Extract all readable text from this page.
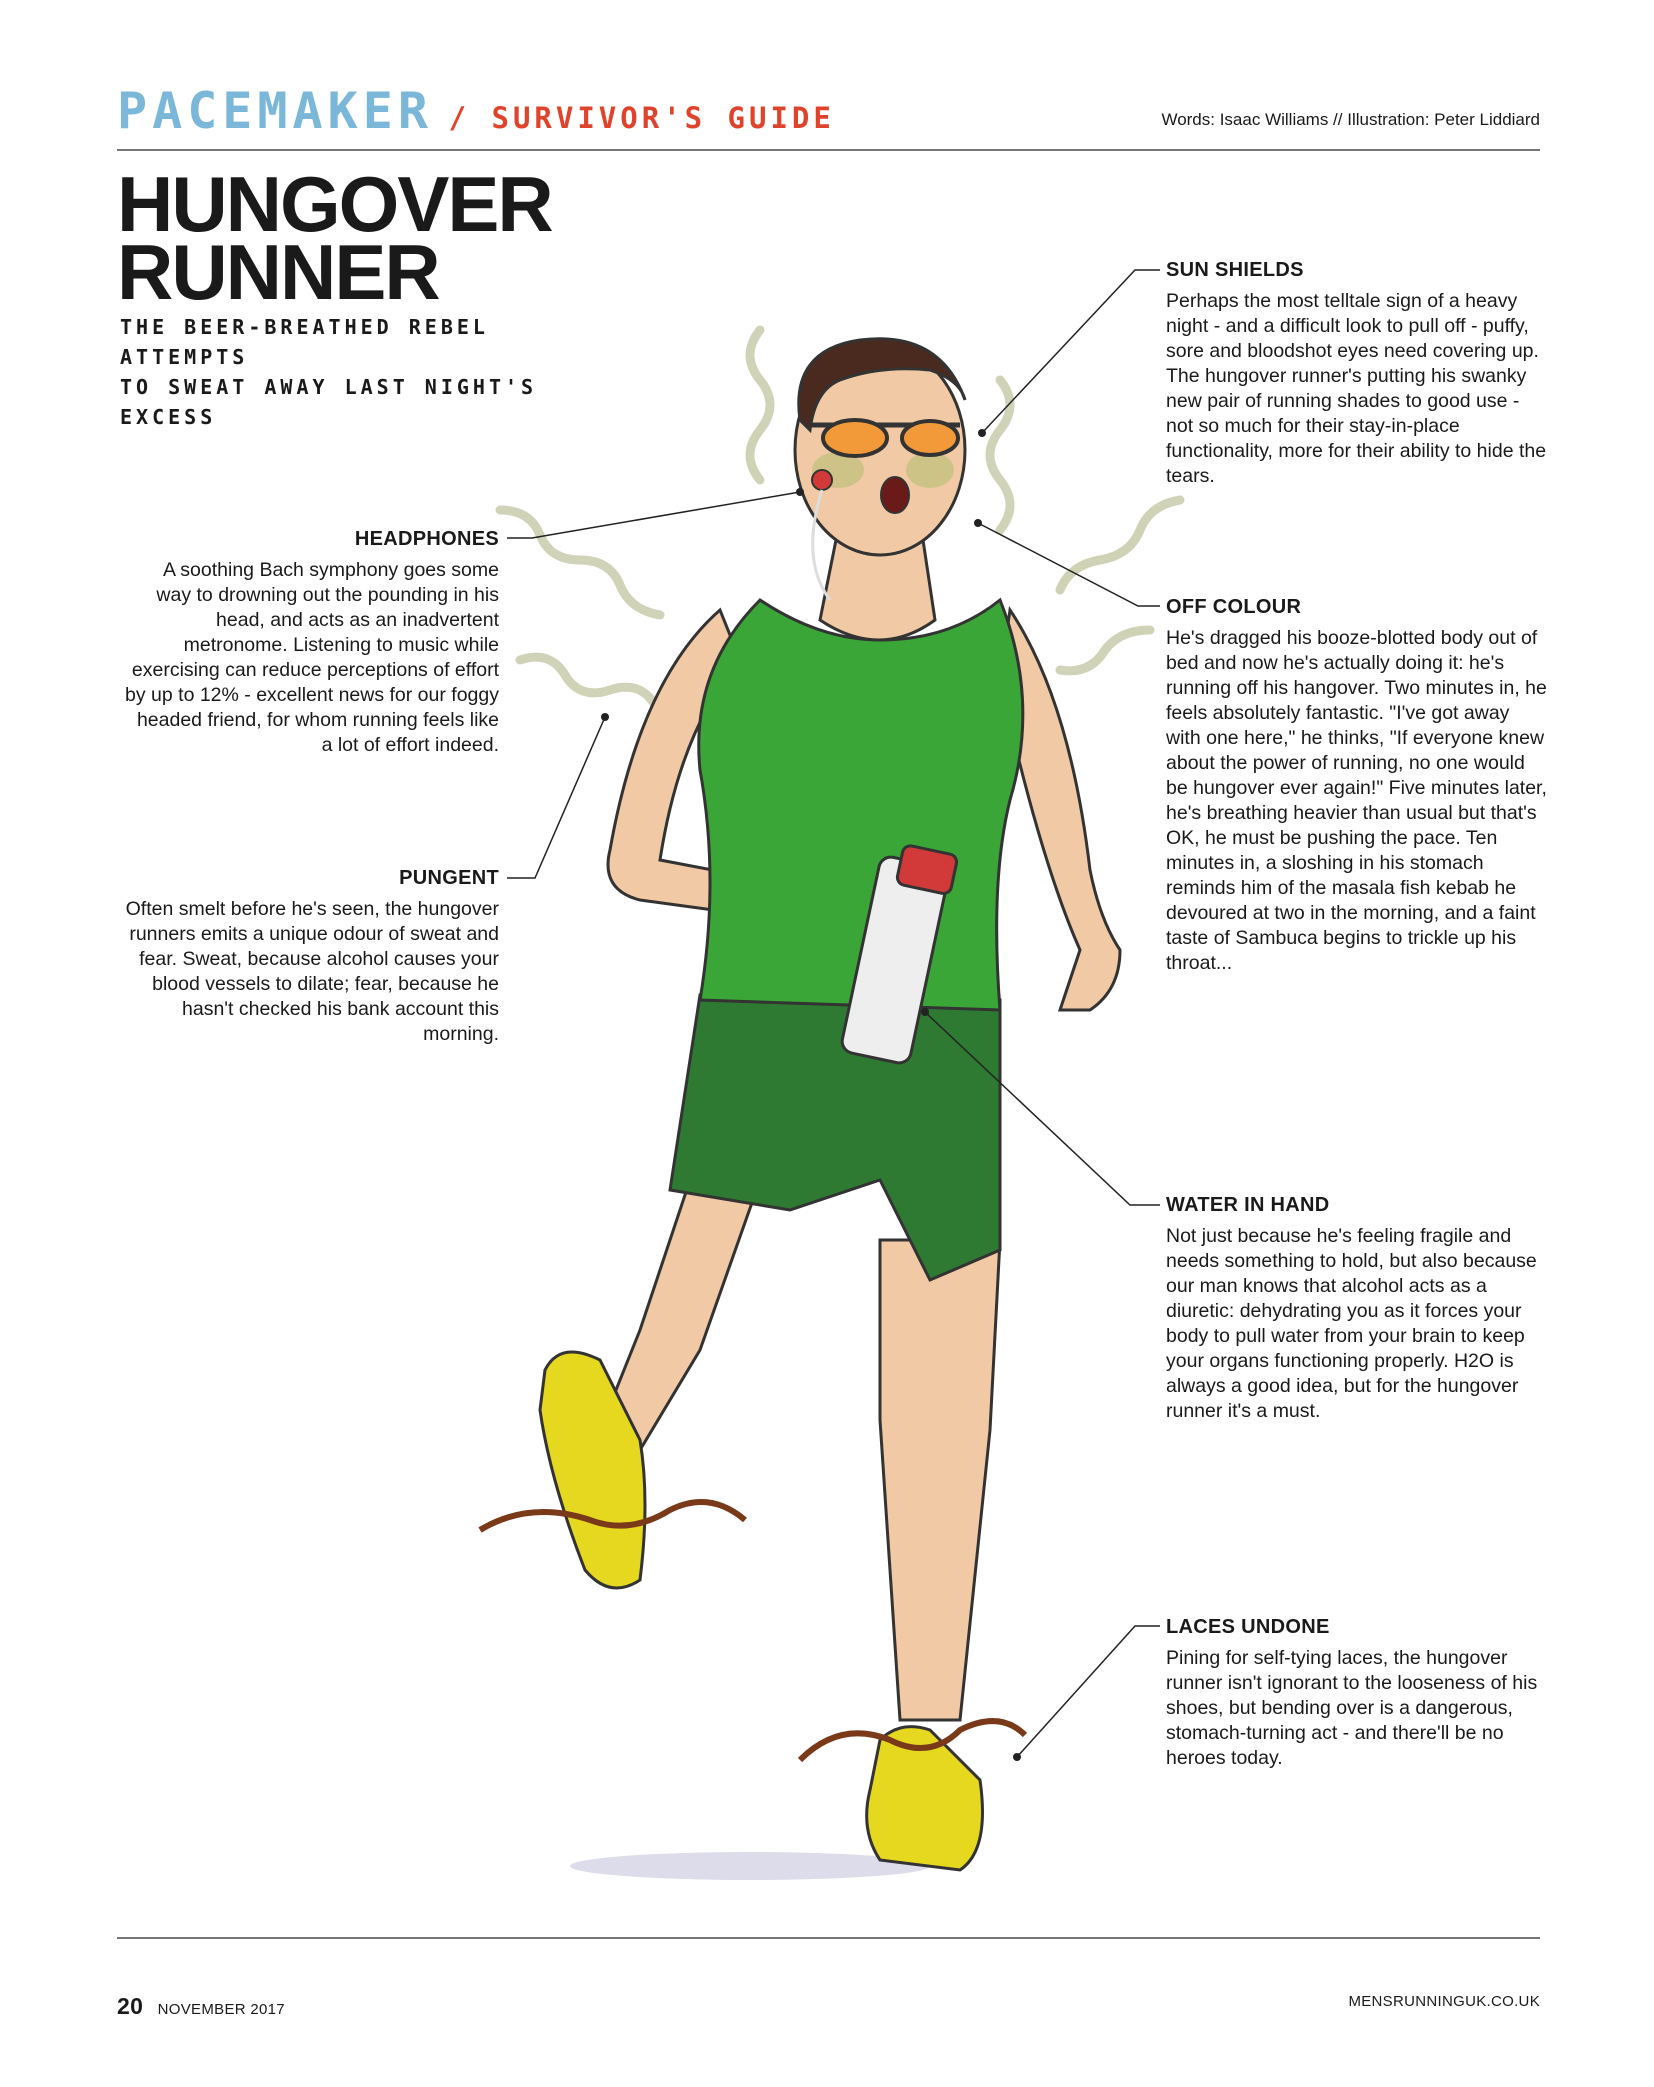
PACEMAKER / SURVIVOR'S GUIDE	Words: Isaac Williams // Illustration: Peter Liddiard
HUNGOVER
RUNNER
THE BEER-BREATHED REBEL ATTEMPTS
TO SWEAT AWAY LAST NIGHT'S EXCESS
HEADPHONES

A soothing Bach symphony goes some way to drowning out the pounding in his head, and acts as an inadvertent metronome. Listening to music while exercising can reduce perceptions of effort by up to 12% - excellent news for our foggy headed friend, for whom running feels like a lot of effort indeed.

PUNGENT

Often smelt before he's seen, the hungover runners emits a unique odour of sweat and fear. Sweat, because alcohol causes your blood vessels to dilate; fear, because he hasn't checked his bank account this morning.

SUN SHIELDS

Perhaps the most telltale sign of a heavy night - and a difficult look to pull off - puffy, sore and bloodshot eyes need covering up. The hungover runner's putting his swanky new pair of running shades to good use - not so much for their stay-in-place functionality, more for their ability to hide the tears.

OFF COLOUR

He's dragged his booze-blotted body out of bed and now he's actually doing it: he's running off his hangover. Two minutes in, he feels absolutely fantastic. "I've got away with one here," he thinks, "If everyone knew about the power of running, no one would be hungover ever again!" Five minutes later, he's breathing heavier than usual but that's OK, he must be pushing the pace. Ten minutes in, a sloshing in his stomach reminds him of the masala fish kebab he devoured at two in the morning, and a faint taste of Sambuca begins to trickle up his throat...

WATER IN HAND

Not just because he's feeling fragile and needs something to hold, but also because our man knows that alcohol acts as a diuretic: dehydrating you as it forces your body to pull water from your brain to keep your organs functioning properly. H2O is always a good idea, but for the hungover runner it's a must.

LACES UNDONE

Pining for self-tying laces, the hungover runner isn't ignorant to the looseness of his shoes, but bending over is a dangerous, stomach-turning act - and there'll be no heroes today.

20 NOVEMBER 2017	MENSRUNNINGUK.CO.UK
